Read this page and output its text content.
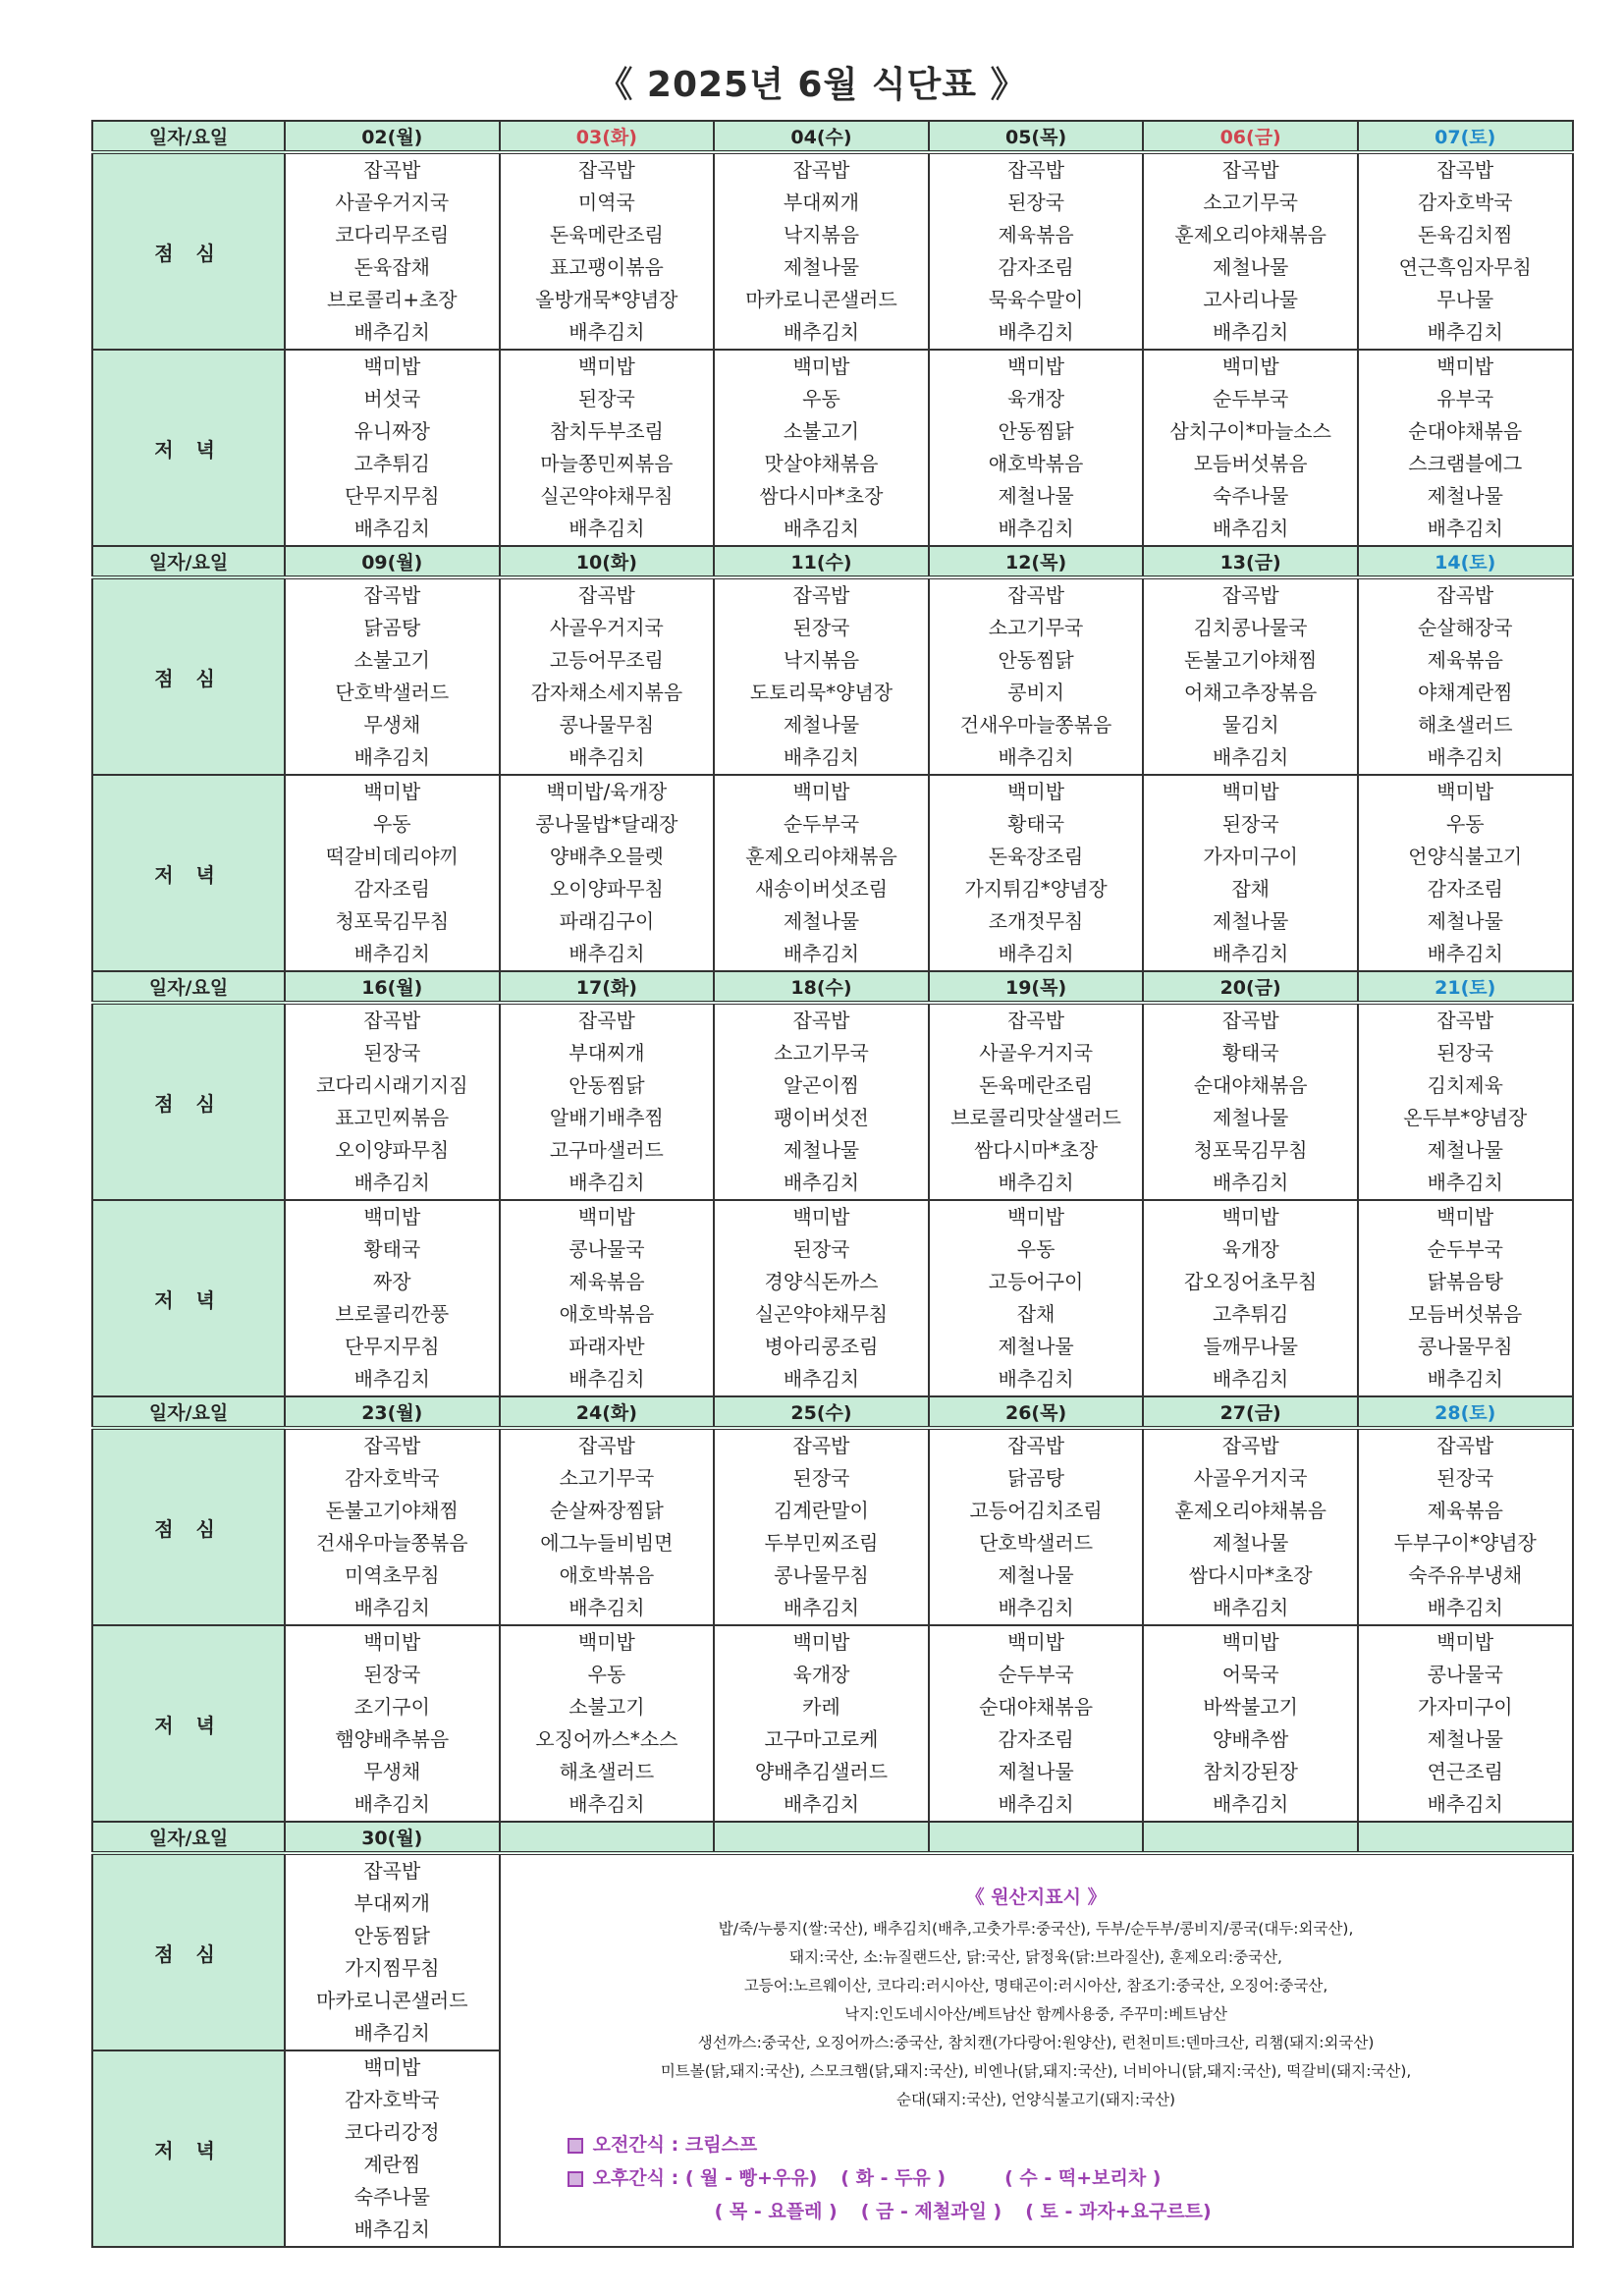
《 2025년 6월 식단표 》
일자/요일	02(월)	03(화)	04(수)	05(목)	06(금)	07(토)
점 심	
잡곡밥
사골우거지국
코다리무조림
돈육잡채
브로콜리+초장
배추김치

잡곡밥
미역국
돈육메란조림
표고팽이볶음
올방개묵*양념장
배추김치

잡곡밥
부대찌개
낙지볶음
제철나물
마카로니콘샐러드
배추김치

잡곡밥
된장국
제육볶음
감자조림
묵육수말이
배추김치

잡곡밥
소고기무국
훈제오리야채볶음
제철나물
고사리나물
배추김치

잡곡밥
감자호박국
돈육김치찜
연근흑임자무침
무나물
배추김치

저 녁	
백미밥
버섯국
유니짜장
고추튀김
단무지무침
배추김치

백미밥
된장국
참치두부조림
마늘쫑민찌볶음
실곤약야채무침
배추김치

백미밥
우동
소불고기
맛살야채볶음
쌈다시마*초장
배추김치

백미밥
육개장
안동찜닭
애호박볶음
제철나물
배추김치

백미밥
순두부국
삼치구이*마늘소스
모듬버섯볶음
숙주나물
배추김치

백미밥
유부국
순대야채볶음
스크램블에그
제철나물
배추김치

일자/요일	09(월)	10(화)	11(수)	12(목)	13(금)	14(토)
점 심	
잡곡밥
닭곰탕
소불고기
단호박샐러드
무생채
배추김치

잡곡밥
사골우거지국
고등어무조림
감자채소세지볶음
콩나물무침
배추김치

잡곡밥
된장국
낙지볶음
도토리묵*양념장
제철나물
배추김치

잡곡밥
소고기무국
안동찜닭
콩비지
건새우마늘쫑볶음
배추김치

잡곡밥
김치콩나물국
돈불고기야채찜
어채고추장볶음
물김치
배추김치

잡곡밥
순살해장국
제육볶음
야채계란찜
해초샐러드
배추김치

저 녁	
백미밥
우동
떡갈비데리야끼
감자조림
청포묵김무침
배추김치

백미밥/육개장
콩나물밥*달래장
양배추오믈렛
오이양파무침
파래김구이
배추김치

백미밥
순두부국
훈제오리야채볶음
새송이버섯조림
제철나물
배추김치

백미밥
황태국
돈육장조림
가지튀김*양념장
조개젓무침
배추김치

백미밥
된장국
가자미구이
잡채
제철나물
배추김치

백미밥
우동
언양식불고기
감자조림
제철나물
배추김치

일자/요일	16(월)	17(화)	18(수)	19(목)	20(금)	21(토)
점 심	
잡곡밥
된장국
코다리시래기지짐
표고민찌볶음
오이양파무침
배추김치

잡곡밥
부대찌개
안동찜닭
알배기배추찜
고구마샐러드
배추김치

잡곡밥
소고기무국
알곤이찜
팽이버섯전
제철나물
배추김치

잡곡밥
사골우거지국
돈육메란조림
브로콜리맛살샐러드
쌈다시마*초장
배추김치

잡곡밥
황태국
순대야채볶음
제철나물
청포묵김무침
배추김치

잡곡밥
된장국
김치제육
온두부*양념장
제철나물
배추김치

저 녁	
백미밥
황태국
짜장
브로콜리깐풍
단무지무침
배추김치

백미밥
콩나물국
제육볶음
애호박볶음
파래자반
배추김치

백미밥
된장국
경양식돈까스
실곤약야채무침
병아리콩조림
배추김치

백미밥
우동
고등어구이
잡채
제철나물
배추김치

백미밥
육개장
갑오징어초무침
고추튀김
들깨무나물
배추김치

백미밥
순두부국
닭볶음탕
모듬버섯볶음
콩나물무침
배추김치

일자/요일	23(월)	24(화)	25(수)	26(목)	27(금)	28(토)
점 심	
잡곡밥
감자호박국
돈불고기야채찜
건새우마늘쫑볶음
미역초무침
배추김치

잡곡밥
소고기무국
순살짜장찜닭
에그누들비빔면
애호박볶음
배추김치

잡곡밥
된장국
김계란말이
두부민찌조림
콩나물무침
배추김치

잡곡밥
닭곰탕
고등어김치조림
단호박샐러드
제철나물
배추김치

잡곡밥
사골우거지국
훈제오리야채볶음
제철나물
쌈다시마*초장
배추김치

잡곡밥
된장국
제육볶음
두부구이*양념장
숙주유부냉채
배추김치

저 녁	
백미밥
된장국
조기구이
햄양배추볶음
무생채
배추김치

백미밥
우동
소불고기
오징어까스*소스
해초샐러드
배추김치

백미밥
육개장
카레
고구마고로케
양배추김샐러드
배추김치

백미밥
순두부국
순대야채볶음
감자조림
제철나물
배추김치

백미밥
어묵국
바싹불고기
양배추쌈
참치강된장
배추김치

백미밥
콩나물국
가자미구이
제철나물
연근조림
배추김치

일자/요일	30(월)					
점 심	
잡곡밥
부대찌개
안동찜닭
가지찜무침
마카로니콘샐러드
배추김치

《 원산지표시 》
밥/죽/누룽지(쌀:국산), 배추김치(배추,고춧가루:중국산), 두부/순두부/콩비지/콩국(대두:외국산),
돼지:국산, 소:뉴질랜드산, 닭:국산, 닭정육(닭:브라질산), 훈제오리:중국산,
고등어:노르웨이산, 코다리:러시아산, 명태곤이:러시아산, 참조기:중국산, 오징어:중국산,
낙지:인도네시아산/베트남산 함께사용중, 주꾸미:베트남산
생선까스:중국산, 오징어까스:중국산, 참치캔(가다랑어:원양산), 런천미트:덴마크산, 리챔(돼지:외국산)
미트볼(닭,돼지:국산), 스모크햄(닭,돼지:국산), 비엔나(닭,돼지:국산), 너비아니(닭,돼지:국산), 떡갈비(돼지:국산),
순대(돼지:국산), 언양식불고기(돼지:국산)
오전간식 : 크림스프
오후간식 : ( 월 - 빵+우유) ( 화 - 두유 )	( 수 - 떡+보리차 )
( 목 - 요플레 ) ( 금 - 제철과일 ) ( 토 - 과자+요구르트)

저 녁	
백미밥
감자호박국
코다리강정
계란찜
숙주나물
배추김치
